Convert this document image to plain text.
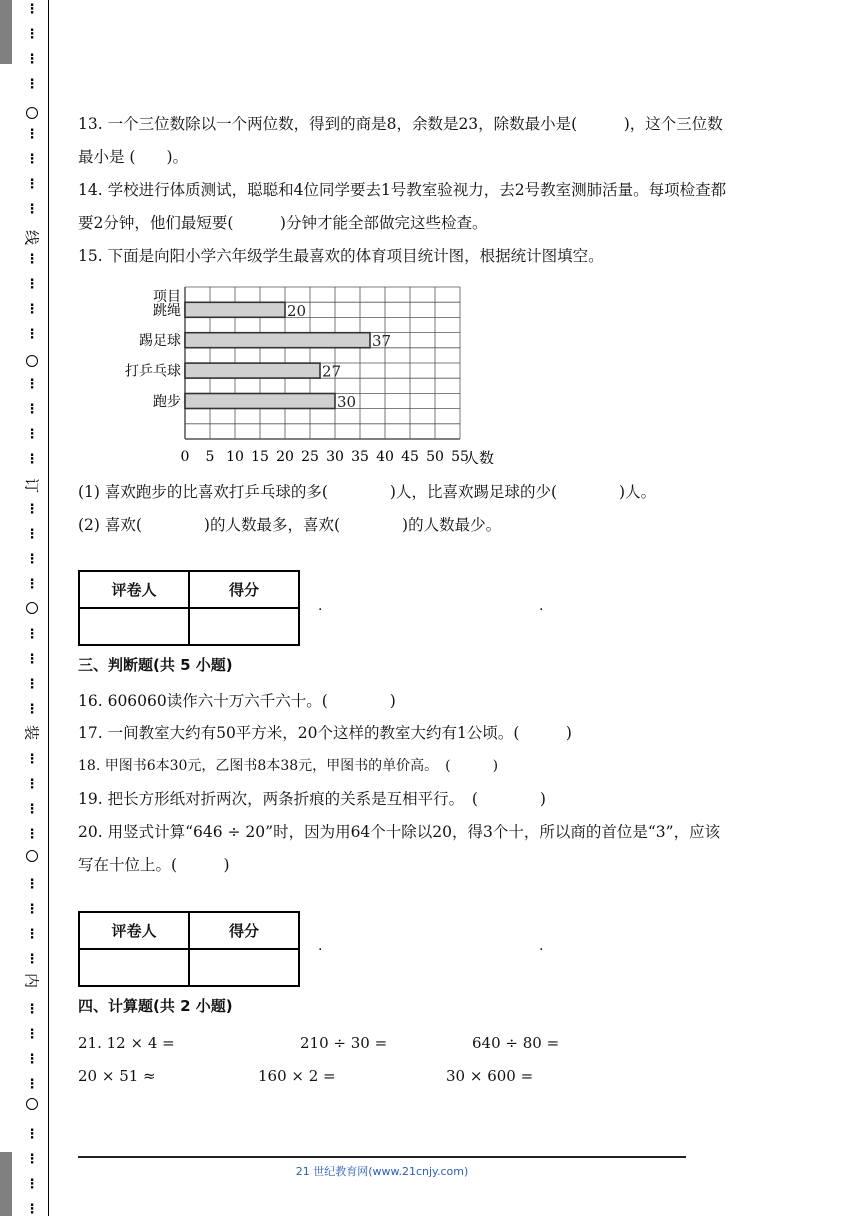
⋮
⋮
⋮
⋮
⋮
⋮
⋮
⋮
⋮
⋮
⋮
⋮
⋮
⋮
⋮
⋮
⋮
⋮
⋮
⋮
⋮
⋮
⋮
⋮
⋮
⋮
⋮
⋮
⋮
⋮
⋮
⋮
⋮
⋮
⋮
⋮
⋮
⋮
⋮
⋮
线
订
装
内
13. 一个三位数除以一个两位数，得到的商是8，余数是23，除数最小是(　　　)，这个三位数
最小是 (　　)。
14. 学校进行体质测试，聪聪和4位同学要去1号教室验视力，去2号教室测肺活量。每项检查都
要2分钟，他们最短要(　　　)分钟才能全部做完这些检查。
15. 下面是向阳小学六年级学生最喜欢的体育项目统计图，根据统计图填空。
项目
跳绳	20
踢足球	37
打乒乓球	27
跑步	30
0 5 10 15 20 25 30 35 40 45 50 55
人数
(1) 喜欢跑步的比喜欢打乒乓球的多(　　　　)人，比喜欢踢足球的少(　　　　)人。
(2) 喜欢(　　　　)的人数最多，喜欢(　　　　)的人数最少。
评卷人	得分

.	.
三、判断题(共 5 小题)
16. 606060读作六十万六千六十。(　　　　)
17. 一间教室大约有50平方米，20个这样的教室大约有1公顷。(　　　)
18. 甲图书6本30元，乙图书8本38元，甲图书的单价高。　(　　　)
19. 把长方形纸对折两次，两条折痕的关系是互相平行。　(　　　　)
20. 用竖式计算“646 ÷ 20”时，因为用64个十除以20，得3个十，所以商的首位是“3”，应该
写在十位上。(　　　)
评卷人	得分

.	.
四、计算题(共 2 小题)
21. 12 × 4 =	210 ÷ 30 =	640 ÷ 80 =
20 × 51 ≈	160 × 2 =	30 × 600 =
21 世纪教育网(www.21cnjy.com)
